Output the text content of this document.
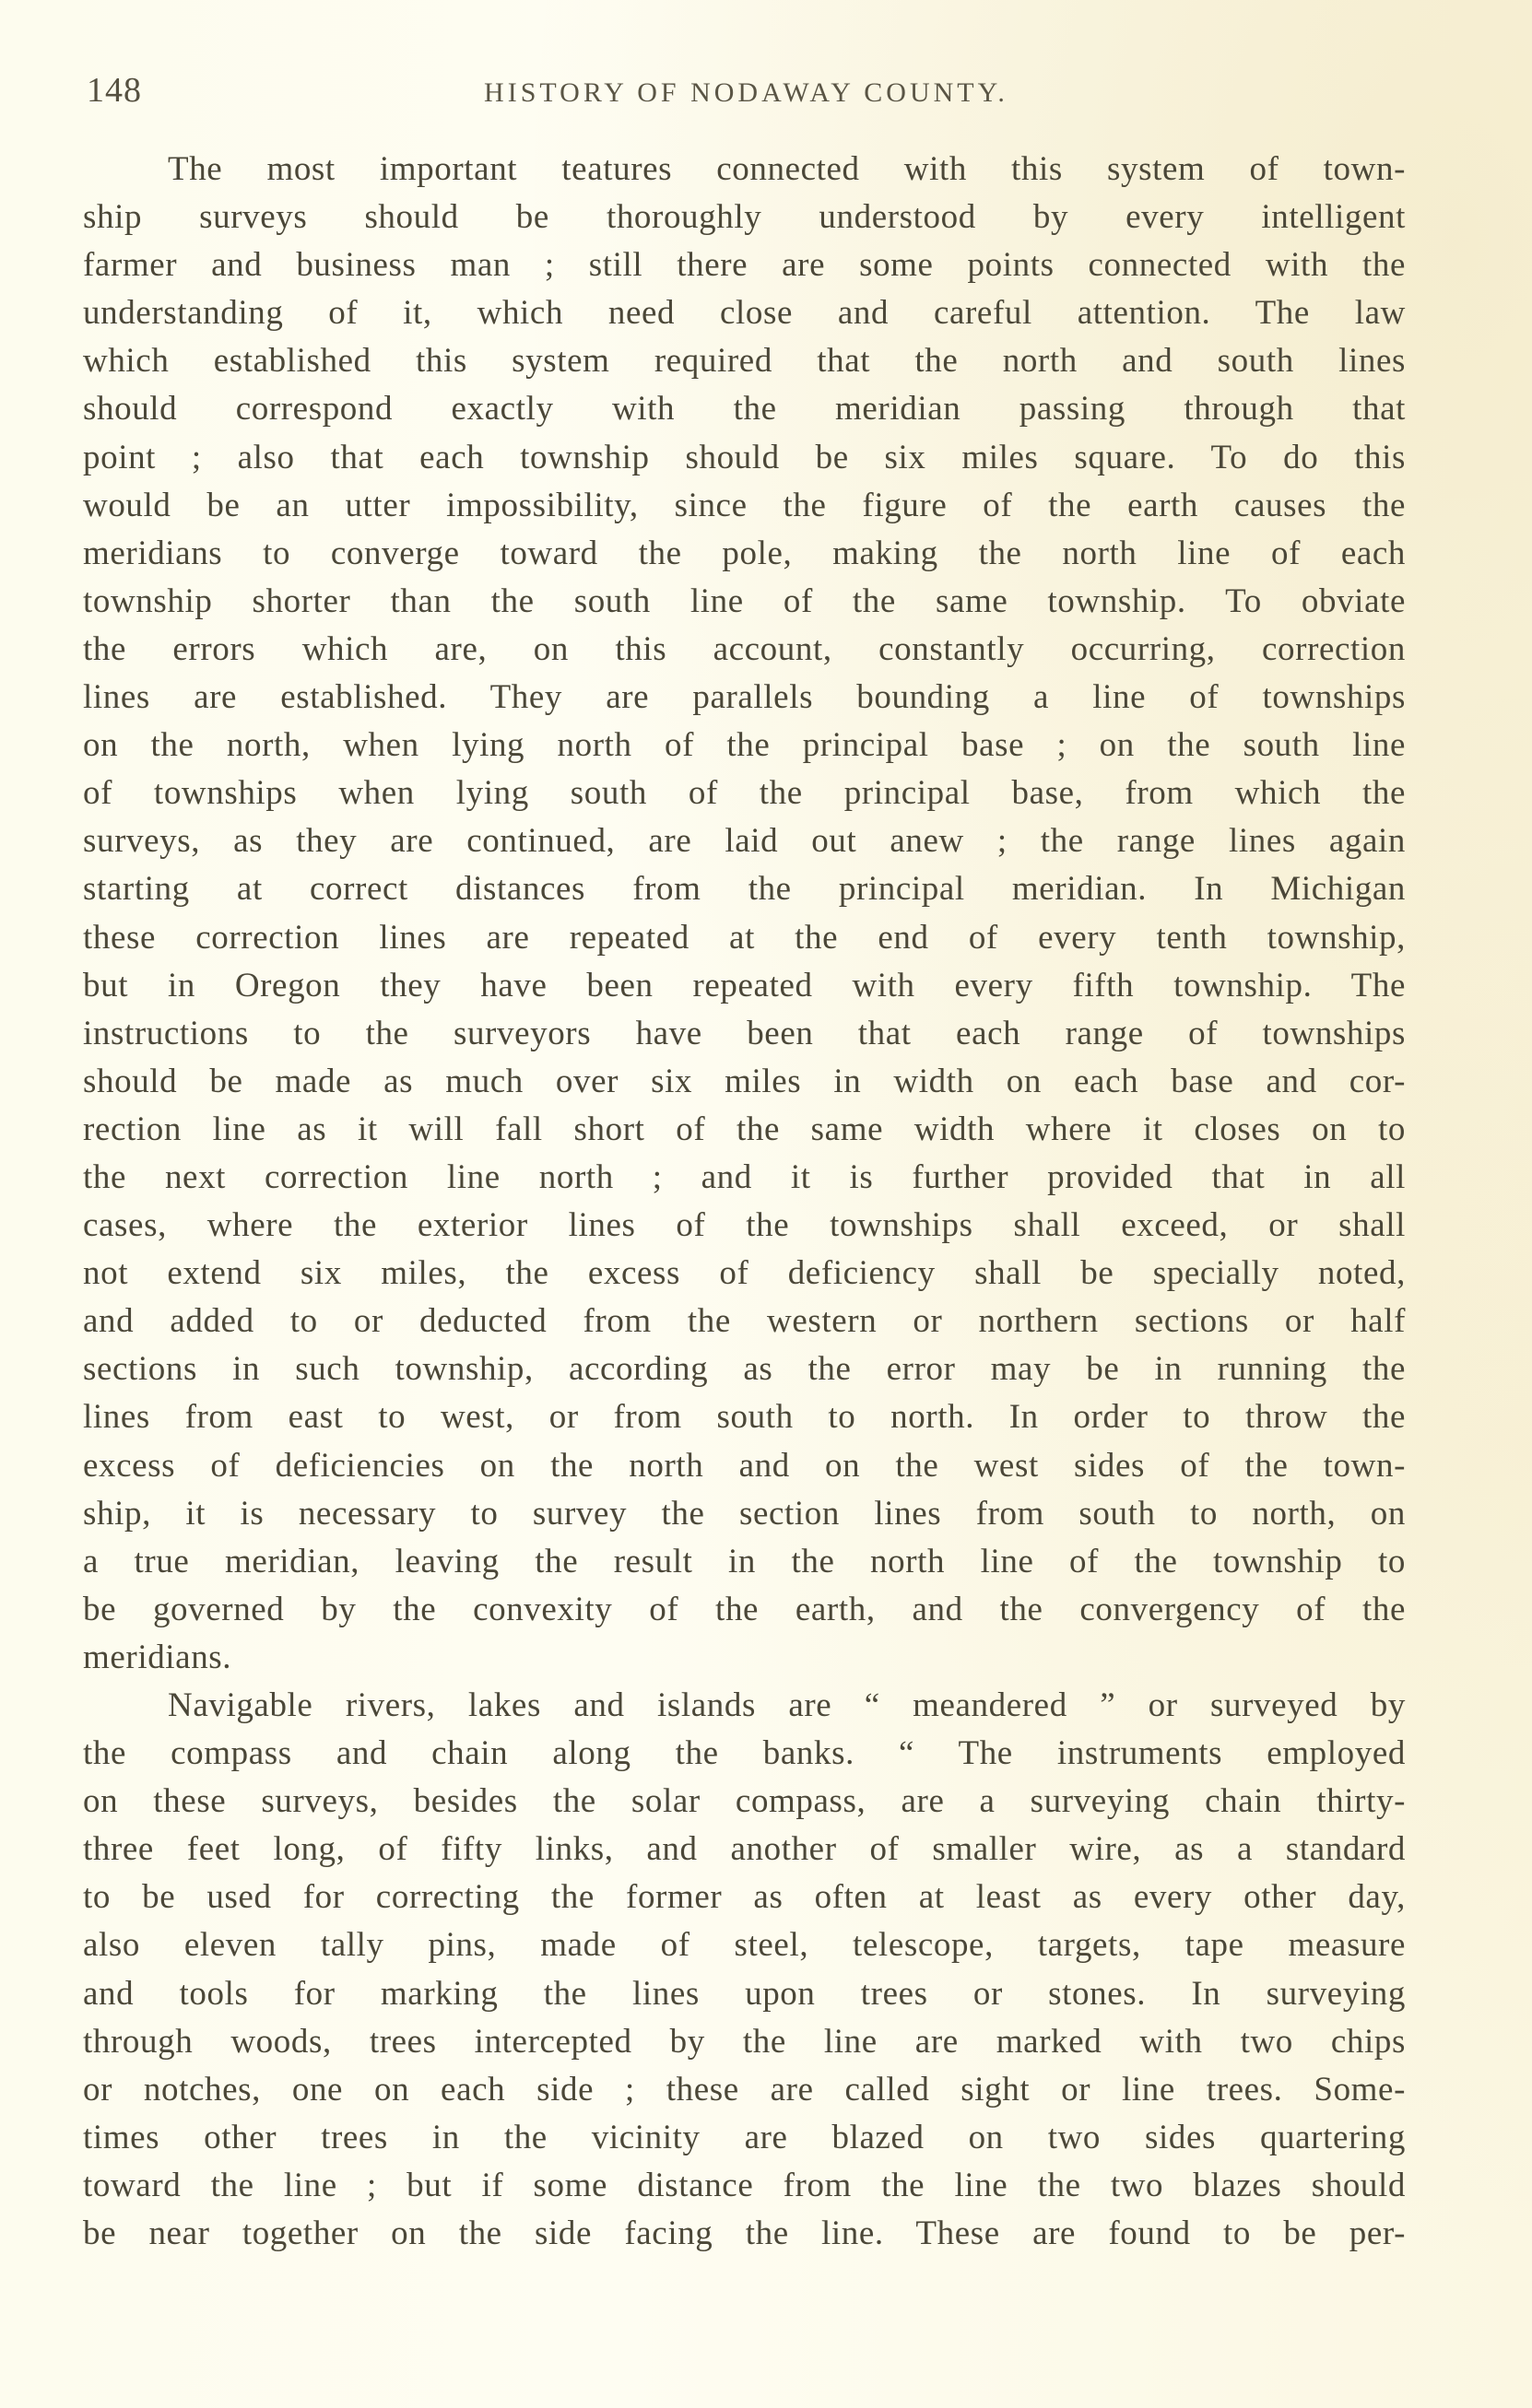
148	HISTORY OF NODAWAY COUNTY.
The most important teatures connected with this system of town-
ship surveys should be thoroughly understood by every intelligent
farmer and business man ; still there are some points connected with the
understanding of it, which need close and careful attention. The law
which established this system required that the north and south lines
should correspond exactly with the meridian passing through that
point ; also that each township should be six miles square. To do this
would be an utter impossibility, since the figure of the earth causes the
meridians to converge toward the pole, making the north line of each
township shorter than the south line of the same township. To obviate
the errors which are, on this account, constantly occurring, correction
lines are established. They are parallels bounding a line of townships
on the north, when lying north of the principal base ; on the south line
of townships when lying south of the principal base, from which the
surveys, as they are continued, are laid out anew ; the range lines again
starting at correct distances from the principal meridian. In Michigan
these correction lines are repeated at the end of every tenth township,
but in Oregon they have been repeated with every fifth township. The
instructions to the surveyors have been that each range of townships
should be made as much over six miles in width on each base and cor-
rection line as it will fall short of the same width where it closes on to
the next correction line north ; and it is further provided that in all
cases, where the exterior lines of the townships shall exceed, or shall
not extend six miles, the excess of deficiency shall be specially noted,
and added to or deducted from the western or northern sections or half
sections in such township, according as the error may be in running the
lines from east to west, or from south to north. In order to throw the
excess of deficiencies on the north and on the west sides of the town-
ship, it is necessary to survey the section lines from south to north, on
a true meridian, leaving the result in the north line of the township to
be governed by the convexity of the earth, and the convergency of the
meridians.
Navigable rivers, lakes and islands are “ meandered ” or surveyed by
the compass and chain along the banks. “ The instruments employed
on these surveys, besides the solar compass, are a surveying chain thirty-
three feet long, of fifty links, and another of smaller wire, as a standard
to be used for correcting the former as often at least as every other day,
also eleven tally pins, made of steel, telescope, targets, tape measure
and tools for marking the lines upon trees or stones. In surveying
through woods, trees intercepted by the line are marked with two chips
or notches, one on each side ; these are called sight or line trees. Some-
times other trees in the vicinity are blazed on two sides quartering
toward the line ; but if some distance from the line the two blazes should
be near together on the side facing the line. These are found to be per-
